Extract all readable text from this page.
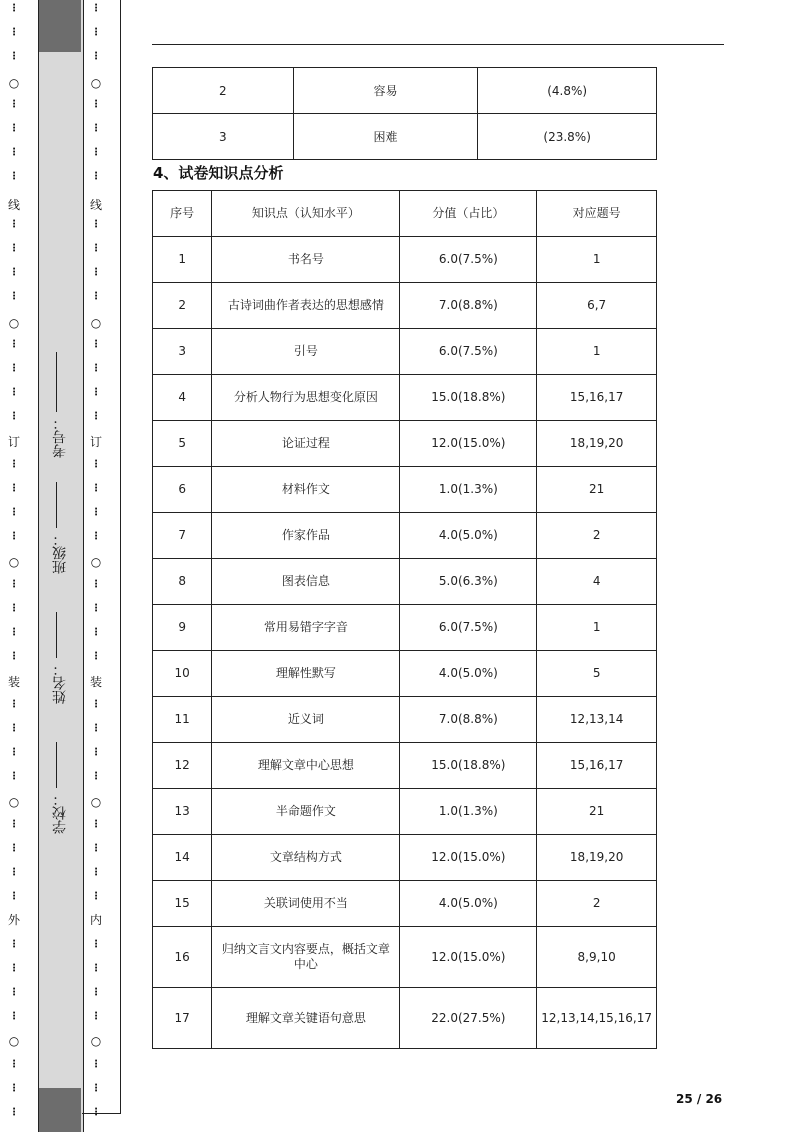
⋮
⋮
⋮
⋮
⋮
⋮
⋮
⋮
⋮
⋮
⋮
⋮
⋮
⋮
⋮
⋮
⋮
⋮
⋮
⋮
⋮
⋮
⋮
⋮
⋮
⋮
⋮
⋮
⋮
⋮
⋮
⋮
⋮
⋮
⋮
⋮
⋮
⋮
○
○
○
○
○
线
订
装
外
⋮
⋮
⋮
⋮
⋮
⋮
⋮
⋮
⋮
⋮
⋮
⋮
⋮
⋮
⋮
⋮
⋮
⋮
⋮
⋮
⋮
⋮
⋮
⋮
⋮
⋮
⋮
⋮
⋮
⋮
⋮
⋮
⋮
⋮
⋮
⋮
⋮
⋮
○
○
○
○
○
线
订
装
内
学校：
姓名：
班级：
考号：
2	容易	(4.8%)
3	困难	(23.8%)
4、试卷知识点分析
序号	知识点（认知水平）	分值（占比）	对应题号
1	书名号	6.0(7.5%)	1
2	古诗词曲作者表达的思想感情	7.0(8.8%)	6,7
3	引号	6.0(7.5%)	1
4	分析人物行为思想变化原因	15.0(18.8%)	15,16,17
5	论证过程	12.0(15.0%)	18,19,20
6	材料作文	1.0(1.3%)	21
7	作家作品	4.0(5.0%)	2
8	图表信息	5.0(6.3%)	4
9	常用易错字字音	6.0(7.5%)	1
10	理解性默写	4.0(5.0%)	5
11	近义词	7.0(8.8%)	12,13,14
12	理解文章中心思想	15.0(18.8%)	15,16,17
13	半命题作文	1.0(1.3%)	21
14	文章结构方式	12.0(15.0%)	18,19,20
15	关联词使用不当	4.0(5.0%)	2
16	归纳文言文内容要点，概括文章中心	12.0(15.0%)	8,9,10
17	理解文章关键语句意思	22.0(27.5%)	12,13,14,15,16,17
25 / 26
